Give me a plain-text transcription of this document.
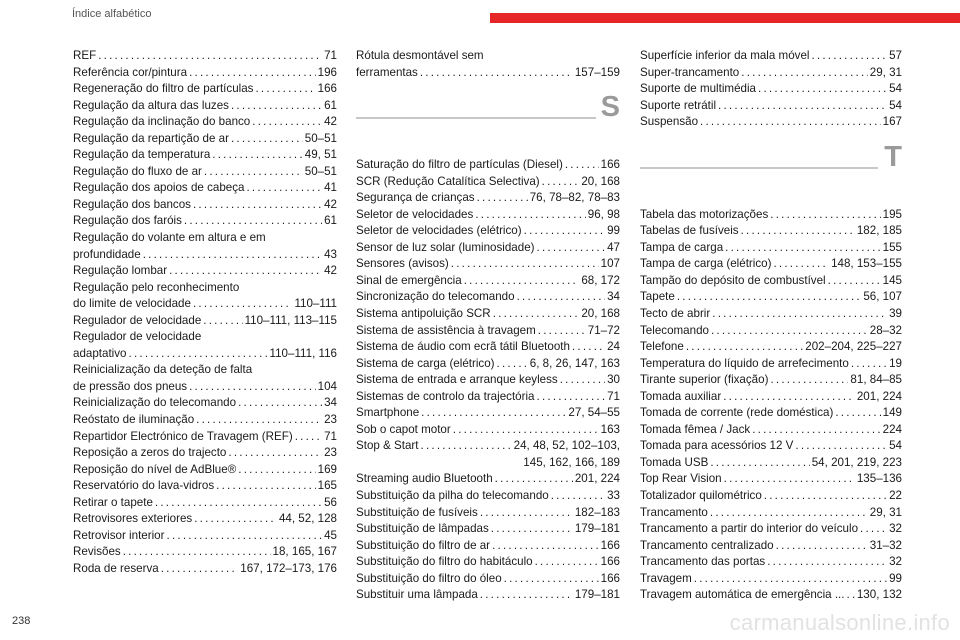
Índice alfabético
REF . . .	71
Referência cor/pintura . . .	196
Regeneração do filtro de partículas . . .	166
Regulação da altura das luzes . . .	61
Regulação da inclinação do banco . . .	42
Regulação da repartição de ar . . .	50–51
Regulação da temperatura . . .	49, 51
Regulação do fluxo de ar . . .	50–51
Regulação dos apoios de cabeça . . .	41
Regulação dos bancos . . .	42
Regulação dos faróis . . .	61
Regulação do volante em altura e em
profundidade . . .	43
Regulação lombar . . .	42
Regulação pelo reconhecimento
do limite de velocidade . . .	110–111
Regulador de velocidade . . .	110–111, 113–115
Regulador de velocidade
adaptativo . . .	110–111, 116
Reinicialização da deteção de falta
de pressão dos pneus . . .	104
Reinicialização do telecomando . . .	34
Reóstato de iluminação . . .	23
Repartidor Electrónico de Travagem (REF) . . .	71
Reposição a zeros do trajecto . . .	23
Reposição do nível de AdBlue® . . .	169
Reservatório do lava-vidros . . .	165
Retirar o tapete . . .	56
Retrovisores exteriores . . .	44, 52, 128
Retrovisor interior . . .	45
Revisões . . .	18, 165, 167
Roda de reserva . . .	167, 172–173, 176
Rótula desmontável sem
ferramentas . . .	157–159
S
Saturação do filtro de partículas (Diesel) . . .	166
SCR (Redução Catalítica Selectiva) . . .	20, 168
Segurança de crianças . . .	76, 78–82, 78–83
Seletor de velocidades . . .	96, 98
Seletor de velocidades (elétrico) . . .	99
Sensor de luz solar (luminosidade) . . .	47
Sensores (avisos) . . .	107
Sinal de emergência . . .	68, 172
Sincronização do telecomando . . .	34
Sistema antipoluição SCR . . .	20, 168
Sistema de assistência à travagem . . .	71–72
Sistema de áudio com ecrã tátil Bluetooth . . .	24
Sistema de carga (elétrico) . . .	6, 8, 26, 147, 163
Sistema de entrada e arranque keyless . . .	30
Sistemas de controlo da trajectória . . .	71
Smartphone . . .	27, 54–55
Sob o capot motor . . .	163
Stop & Start . . .	24, 48, 52, 102–103,
145, 162, 166, 189
Streaming audio Bluetooth . . .	201, 224
Substituição da pilha do telecomando . . .	33
Substituição de fusíveis . . .	182–183
Substituição de lâmpadas . . .	179–181
Substituição do filtro de ar . . .	166
Substituição do filtro do habitáculo . . .	166
Substituição do filtro do óleo . . .	166
Substituir uma lâmpada . . .	179–181
Superfície inferior da mala móvel . . .	57
Super-trancamento . . .	29, 31
Suporte de multimédia . . .	54
Suporte retrátil . . .	54
Suspensão . . .	167
T
Tabela das motorizações . . .	195
Tabelas de fusíveis . . .	182, 185
Tampa de carga . . .	155
Tampa de carga (elétrico) . . .	148, 153–155
Tampão do depósito de combustível . . .	145
Tapete . . .	56, 107
Tecto de abrir . . .	39
Telecomando . . .	28–32
Telefone . . .	202–204, 225–227
Temperatura do líquido de arrefecimento . . .	19
Tirante superior (fixação) . . .	81, 84–85
Tomada auxiliar . . .	201, 224
Tomada de corrente (rede doméstica) . . .	149
Tomada fêmea / Jack . . .	224
Tomada para acessórios 12 V . . .	54
Tomada USB . . .	54, 201, 219, 223
Top Rear Vision . . .	135–136
Totalizador quilométrico . . .	22
Trancamento . . .	29, 31
Trancamento a partir do interior do veículo . . .	32
Trancamento centralizado . . .	31–32
Trancamento das portas . . .	32
Travagem . . .	99
Travagem automática de emergência ... . . . 130, 132
238	carmanualsonline.info
